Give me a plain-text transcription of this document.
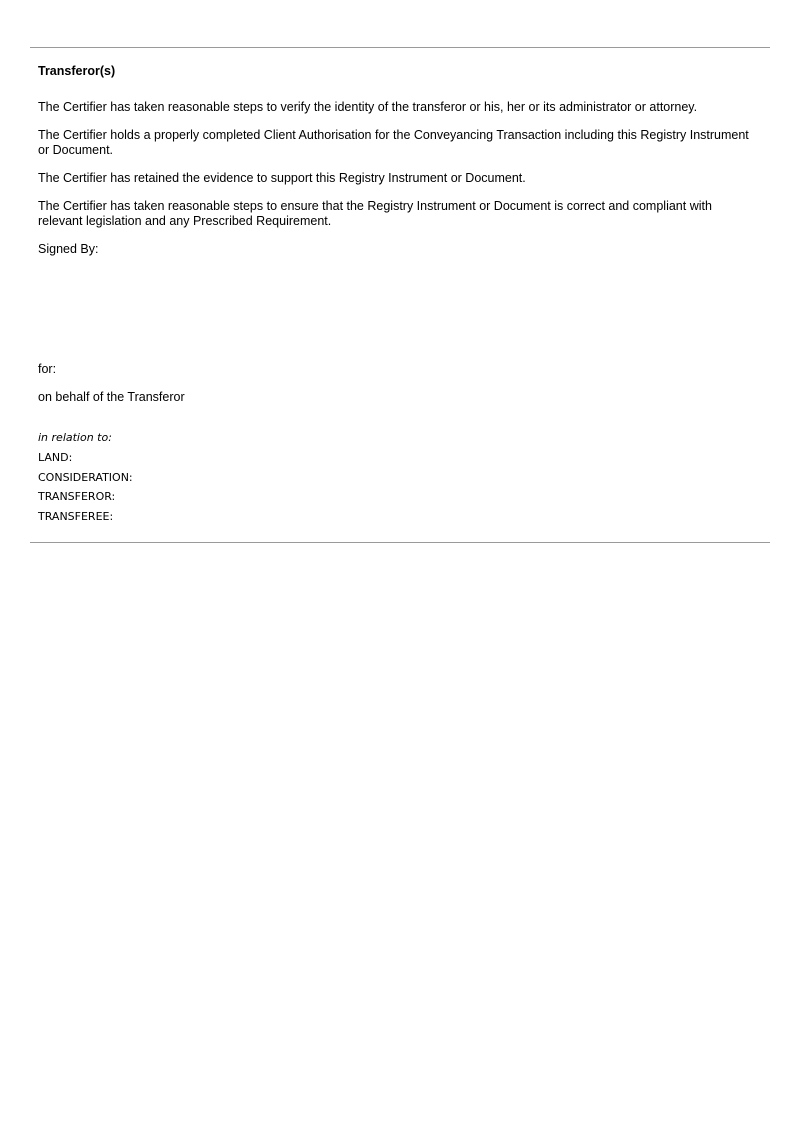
Transferor(s)
The Certifier has taken reasonable steps to verify the identity of the transferor or his, her or its administrator or attorney.
The Certifier holds a properly completed Client Authorisation for the Conveyancing Transaction including this Registry Instrument or Document.
The Certifier has retained the evidence to support this Registry Instrument or Document.
The Certifier has taken reasonable steps to ensure that the Registry Instrument or Document is correct and compliant with relevant legislation and any Prescribed Requirement.
Signed By:
for:
on behalf of the Transferor
in relation to:
LAND:
CONSIDERATION:
TRANSFEROR:
TRANSFEREE:
